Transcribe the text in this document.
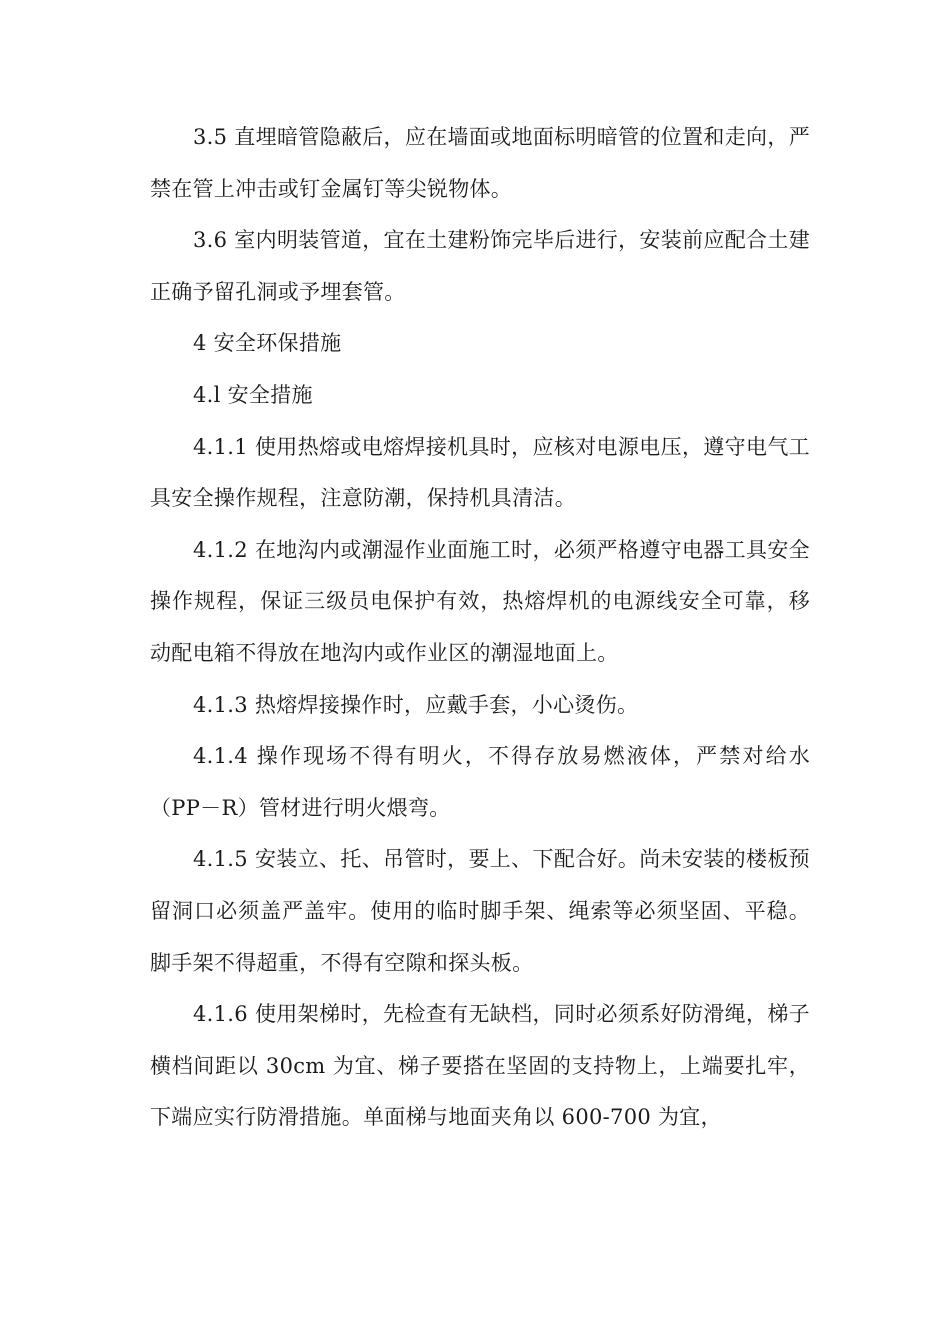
3.5 直埋暗管隐蔽后，应在墙面或地面标明暗管的位置和走向，严禁在管上冲击或钉金属钉等尖锐物体。

3.6 室内明装管道，宜在土建粉饰完毕后进行，安装前应配合土建正确予留孔洞或予埋套管。

4 安全环保措施

4.l 安全措施

4.1.1 使用热熔或电熔焊接机具时，应核对电源电压，遵守电气工具安全操作规程，注意防潮，保持机具清洁。

4.1.2 在地沟内或潮湿作业面施工时，必须严格遵守电器工具安全操作规程，保证三级员电保护有效，热熔焊机的电源线安全可靠，移动配电箱不得放在地沟内或作业区的潮湿地面上。

4.1.3 热熔焊接操作时，应戴手套，小心烫伤。

4.1.4 操作现场不得有明火，不得存放易燃液体，严禁对给水（PP－R）管材进行明火煨弯。

4.1.5 安装立、托、吊管时，要上、下配合好。尚未安装的楼板预留洞口必须盖严盖牢。使用的临时脚手架、绳索等必须坚固、平稳。脚手架不得超重，不得有空隙和探头板。

4.1.6 使用架梯时，先检查有无缺档，同时必须系好防滑绳，梯子横档间距以 30cm 为宜、梯子要搭在坚固的支持物上，上端要扎牢，下端应实行防滑措施。单面梯与地面夹角以 600-700 为宜，
